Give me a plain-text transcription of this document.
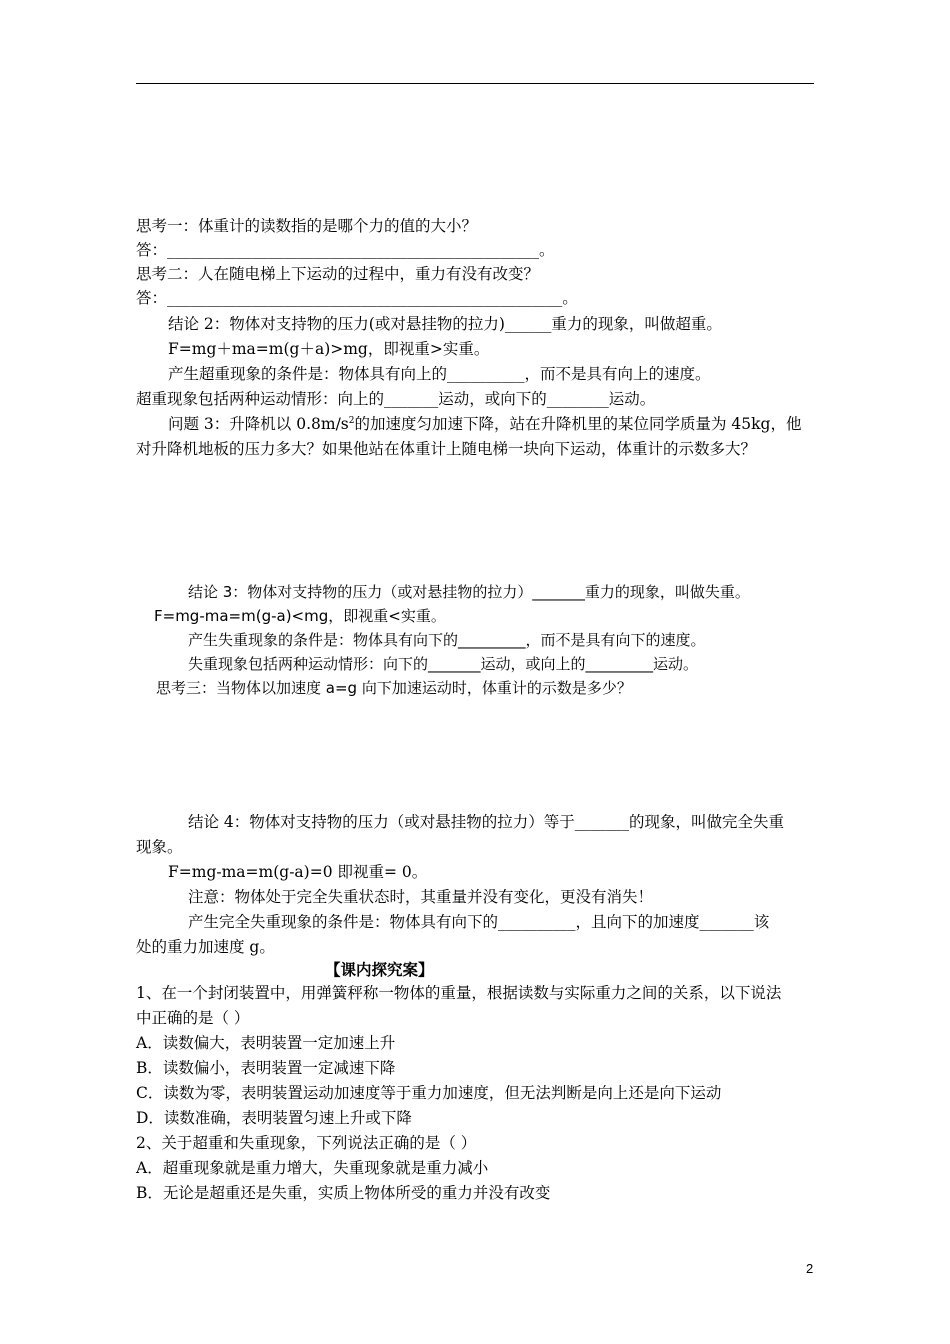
思考一：体重计的读数指的是哪个力的值的大小？
答：________________________________________________。
思考二：人在随电梯上下运动的过程中，重力有没有改变？
答：___________________________________________________。
结论 2：物体对支持物的压力(或对悬挂物的拉力)______重力的现象，叫做超重。
F=mg＋ma=m(g＋a)>mg，即视重>实重。
产生超重现象的条件是：物体具有向上的__________，而不是具有向上的速度。
超重现象包括两种运动情形：向上的_______运动，或向下的________运动。
问题 3：升降机以 $0.8m/s^2$的加速度匀加速下降，站在升降机里的某位同学质量为 45kg，他
对升降机地板的压力多大？如果他站在体重计上随电梯一块向下运动，体重计的示数多大？
结论 3：物体对支持物的压力（或对悬挂物的拉力）_______重力的现象，叫做失重。
F=mg-ma=m(g-a)<mg，即视重<实重。
产生失重现象的条件是：物体具有向下的_________，而不是具有向下的速度。
失重现象包括两种运动情形：向下的_______运动，或向上的_________运动。
思考三：当物体以加速度 a=g 向下加速运动时，体重计的示数是多少？
结论 4：物体对支持物的压力（或对悬挂物的拉力）等于_______的现象，叫做完全失重
现象。
F=mg-ma=m(g-a)=0 即视重= 0。
注意：物体处于完全失重状态时，其重量并没有变化，更没有消失！
产生完全失重现象的条件是：物体具有向下的__________，且向下的加速度_______该
处的重力加速度 g。
【课内探究案】
1、在一个封闭装置中，用弹簧秤称一物体的重量，根据读数与实际重力之间的关系，以下说法
中正确的是（ ）
A．读数偏大，表明装置一定加速上升
B．读数偏小，表明装置一定减速下降
C．读数为零，表明装置运动加速度等于重力加速度，但无法判断是向上还是向下运动
D．读数准确，表明装置匀速上升或下降
2、关于超重和失重现象，下列说法正确的是（ ）
A．超重现象就是重力增大，失重现象就是重力减小
B．无论是超重还是失重，实质上物体所受的重力并没有改变
2
